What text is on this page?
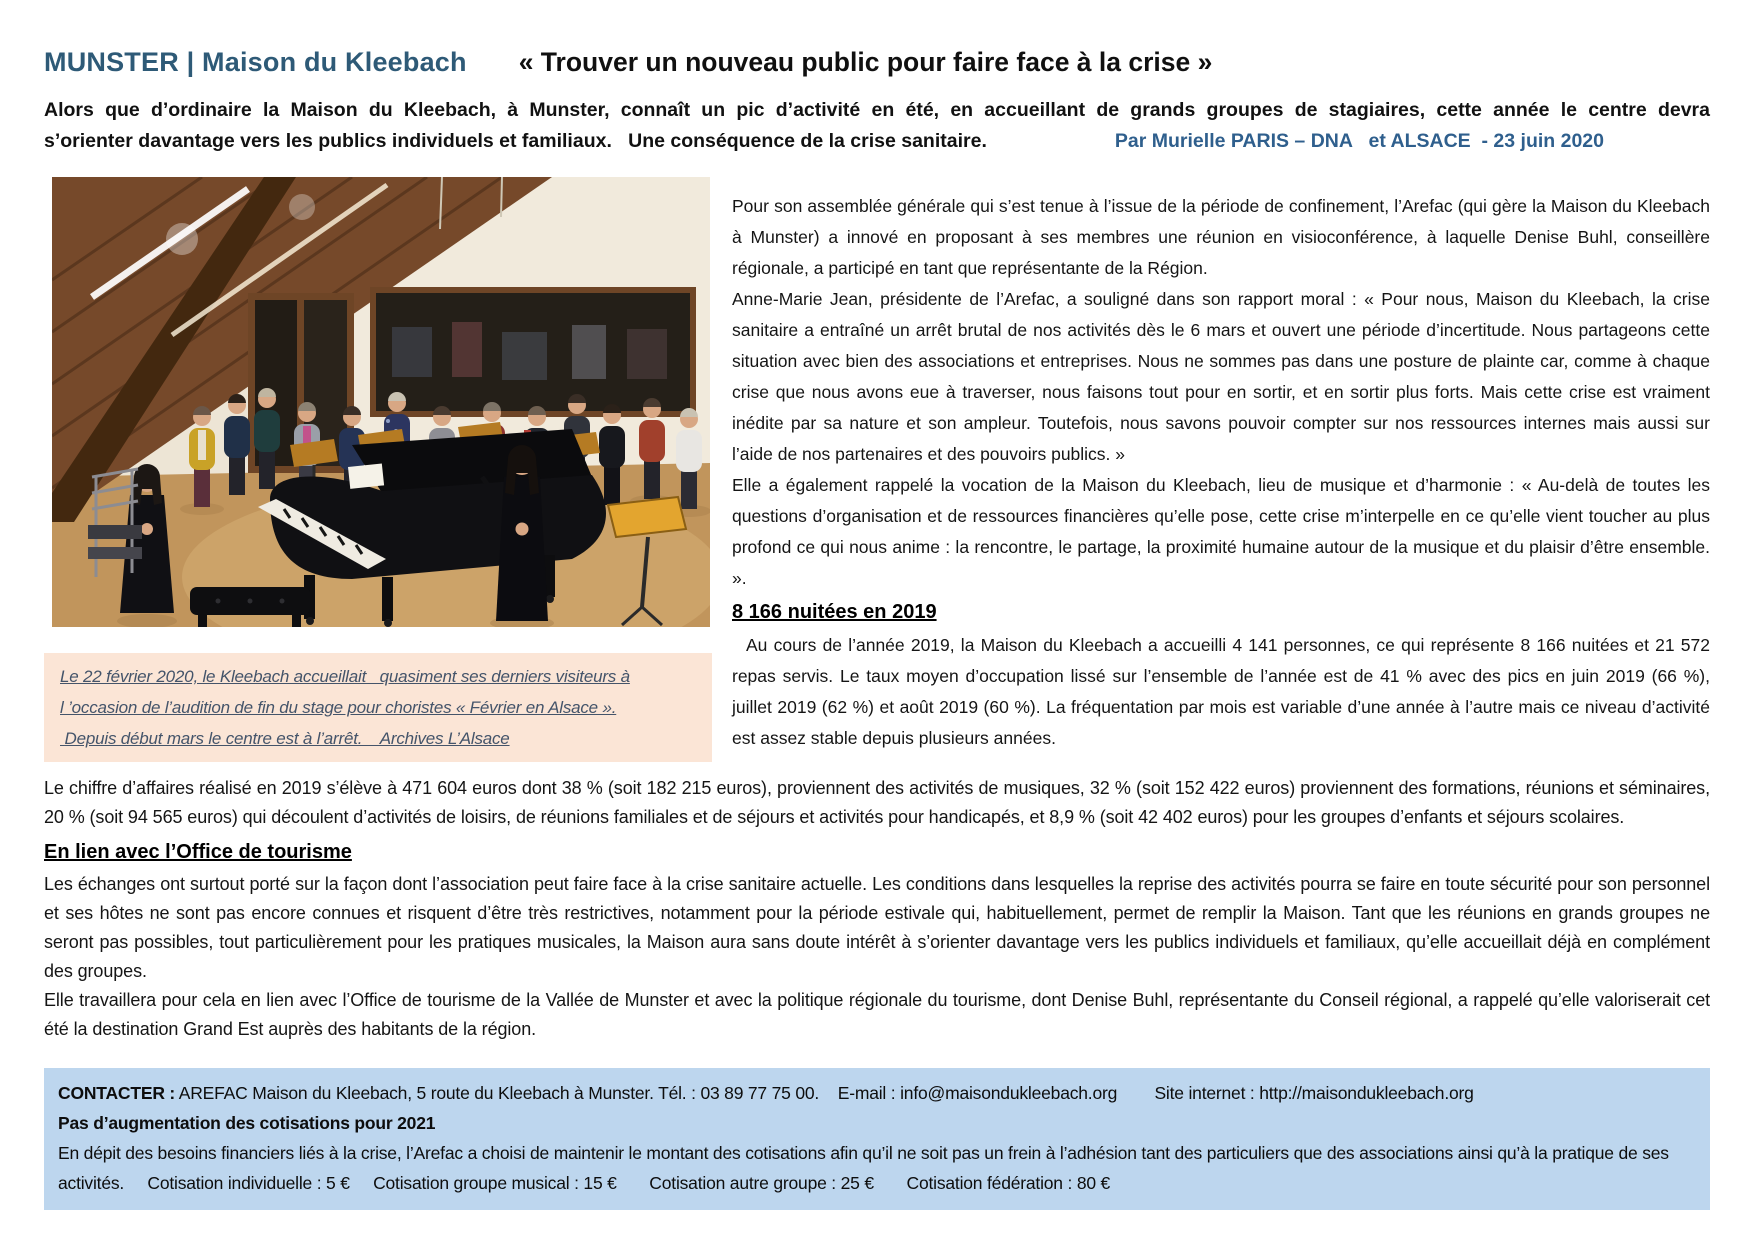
MUNSTER | Maison du Kleebach « Trouver un nouveau public pour faire face à la crise »

Alors que d’ordinaire la Maison du Kleebach, à Munster, connaît un pic d’activité en été, en accueillant de grands groupes de stagiaires, cette année le centre devra

s’orienter davantage vers les publics individuels et familiaux.   Une conséquence de la crise sanitaire.	Par Murielle PARIS – DNA   et ALSACE  - 23 juin 2020
Le 22 février 2020, le Kleebach accueillait   quasiment ses derniers visiteurs à
l ’occasion de l’audition de fin du stage pour choristes « Février en Alsace ».
Depuis début mars le centre est à l’arrêt.    Archives L’Alsace

Pour son assemblée générale qui s’est tenue à l’issue de la période de confinement, l’Arefac (qui gère la Maison du Kleebach à Munster) a innové en proposant à ses membres une réunion en visioconférence, à laquelle Denise Buhl, conseillère régionale, a participé en tant que représentante de la Région.

Anne-Marie Jean, présidente de l’Arefac, a souligné dans son rapport moral : « Pour nous, Maison du Kleebach, la crise sanitaire a entraîné un arrêt brutal de nos activités dès le 6 mars et ouvert une période d’incertitude. Nous partageons cette situation avec bien des associations et entreprises. Nous ne sommes pas dans une posture de plainte car, comme à chaque crise que nous avons eue à traverser, nous faisons tout pour en sortir, et en sortir plus forts. Mais cette crise est vraiment inédite par sa nature et son ampleur. Toutefois, nous savons pouvoir compter sur nos ressources internes mais aussi sur l’aide de nos partenaires et des pouvoirs publics. »

Elle a également rappelé la vocation de la Maison du Kleebach, lieu de musique et d’harmonie : « Au-delà de toutes les questions d’organisation et de ressources financières qu’elle pose, cette crise m’interpelle en ce qu’elle vient toucher au plus profond ce qui nous anime : la rencontre, le partage, la proximité humaine autour de la musique et du plaisir d’être ensemble. ».

8 166 nuitées en 2019

Au cours de l’année 2019, la Maison du Kleebach a accueilli 4 141 personnes, ce qui représente 8 166 nuitées et 21 572 repas servis. Le taux moyen d’occupation lissé sur l’ensemble de l’année est de 41 % avec des pics en juin 2019 (66 %), juillet 2019 (62 %) et août 2019 (60 %). La fréquentation par mois est variable d’une année à l’autre mais ce niveau d’activité est assez stable depuis plusieurs années.

Le chiffre d’affaires réalisé en 2019 s’élève à 471 604 euros dont 38 % (soit 182 215 euros), proviennent des activités de musiques, 32 % (soit 152 422 euros) proviennent des formations, réunions et séminaires, 20 % (soit 94 565 euros) qui découlent d’activités de loisirs, de réunions familiales et de séjours et activités pour handicapés, et 8,9 % (soit 42 402 euros) pour les groupes d’enfants et séjours scolaires.

En lien avec l’Office de tourisme

Les échanges ont surtout porté sur la façon dont l’association peut faire face à la crise sanitaire actuelle. Les conditions dans lesquelles la reprise des activités pourra se faire en toute sécurité pour son personnel et ses hôtes ne sont pas encore connues et risquent d’être très restrictives, notamment pour la période estivale qui, habituellement, permet de remplir la Maison. Tant que les réunions en grands groupes ne seront pas possibles, tout particulièrement pour les pratiques musicales, la Maison aura sans doute intérêt à s’orienter davantage vers les publics individuels et familiaux, qu’elle accueillait déjà en complément des groupes.

Elle travaillera pour cela en lien avec l’Office de tourisme de la Vallée de Munster et avec la politique régionale du tourisme, dont Denise Buhl, représentante du Conseil régional, a rappelé qu’elle valoriserait cet été la destination Grand Est auprès des habitants de la région.

CONTACTER : AREFAC Maison du Kleebach, 5 route du Kleebach à Munster. Tél. : 03 89 77 75 00.    E-mail : info@maisondukleebach.org        Site internet : http://maisondukleebach.org

Pas d’augmentation des cotisations pour 2021

En dépit des besoins financiers liés à la crise, l’Arefac a choisi de maintenir le montant des cotisations afin qu’il ne soit pas un frein à l’adhésion tant des particuliers que des associations ainsi qu’à la pratique de ses activités.     Cotisation individuelle : 5 €     Cotisation groupe musical : 15 €       Cotisation autre groupe : 25 €       Cotisation fédération : 80 €
